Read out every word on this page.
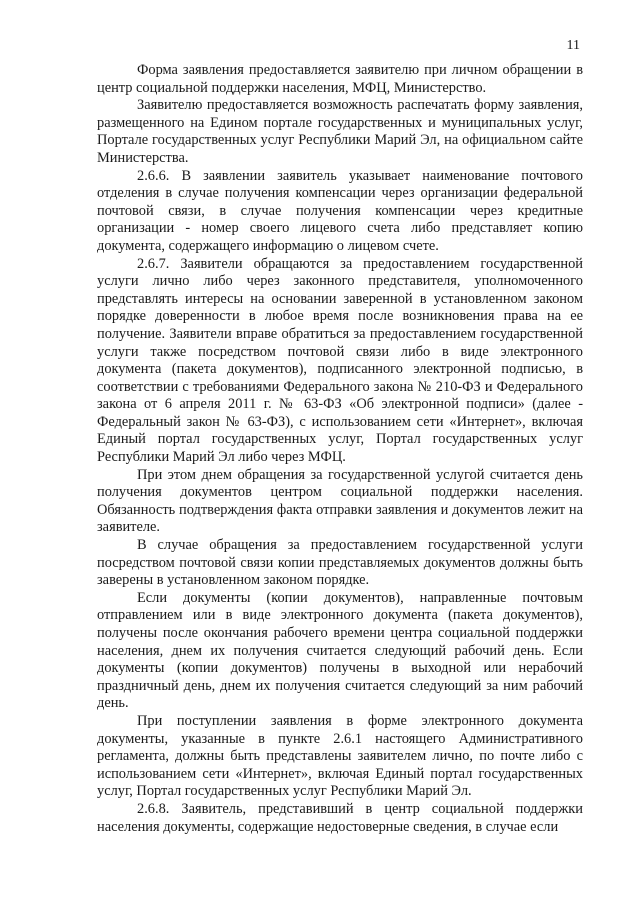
11

Форма заявления предоставляется заявителю при личном обращении в центр социальной поддержки населения, МФЦ, Министерство.

Заявителю предоставляется возможность распечатать форму заявления, размещенного на Едином портале государственных и муниципальных услуг, Портале государственных услуг Республики Марий Эл, на официальном сайте Министерства.

2.6.6. В заявлении заявитель указывает наименование почтового отделения в случае получения компенсации через организации федеральной почтовой связи, в случае получения компенсации через кредитные организации - номер своего лицевого счета либо представляет копию документа, содержащего информацию о лицевом счете.

2.6.7. Заявители обращаются за предоставлением государственной услуги лично либо через законного представителя, уполномоченного представлять интересы на основании заверенной в установленном законом порядке доверенности в любое время после возникновения права на ее получение. Заявители вправе обратиться за предоставлением государственной услуги также посредством почтовой связи либо в виде электронного документа (пакета документов), подписанного электронной подписью, в соответствии с требованиями Федерального закона № 210-ФЗ и Федерального закона от 6 апреля 2011 г. № 63-ФЗ «Об электронной подписи» (далее - Федеральный закон № 63-ФЗ), с использованием сети «Интернет», включая Единый портал государственных услуг, Портал государственных услуг Республики Марий Эл либо через МФЦ.

При этом днем обращения за государственной услугой считается день получения документов центром социальной поддержки населения. Обязанность подтверждения факта отправки заявления и документов лежит на заявителе.

В случае обращения за предоставлением государственной услуги посредством почтовой связи копии представляемых документов должны быть заверены в установленном законом порядке.

Если документы (копии документов), направленные почтовым отправлением или в виде электронного документа (пакета документов), получены после окончания рабочего времени центра социальной поддержки населения, днем их получения считается следующий рабочий день. Если документы (копии документов) получены в выходной или нерабочий праздничный день, днем их получения считается следующий за ним рабочий день.

При поступлении заявления в форме электронного документа документы, указанные в пункте 2.6.1 настоящего Административного регламента, должны быть представлены заявителем лично, по почте либо с использованием сети «Интернет», включая Единый портал государственных услуг, Портал государственных услуг Республики Марий Эл.

2.6.8. Заявитель, представивший в центр социальной поддержки населения документы, содержащие недостоверные сведения, в случае если
